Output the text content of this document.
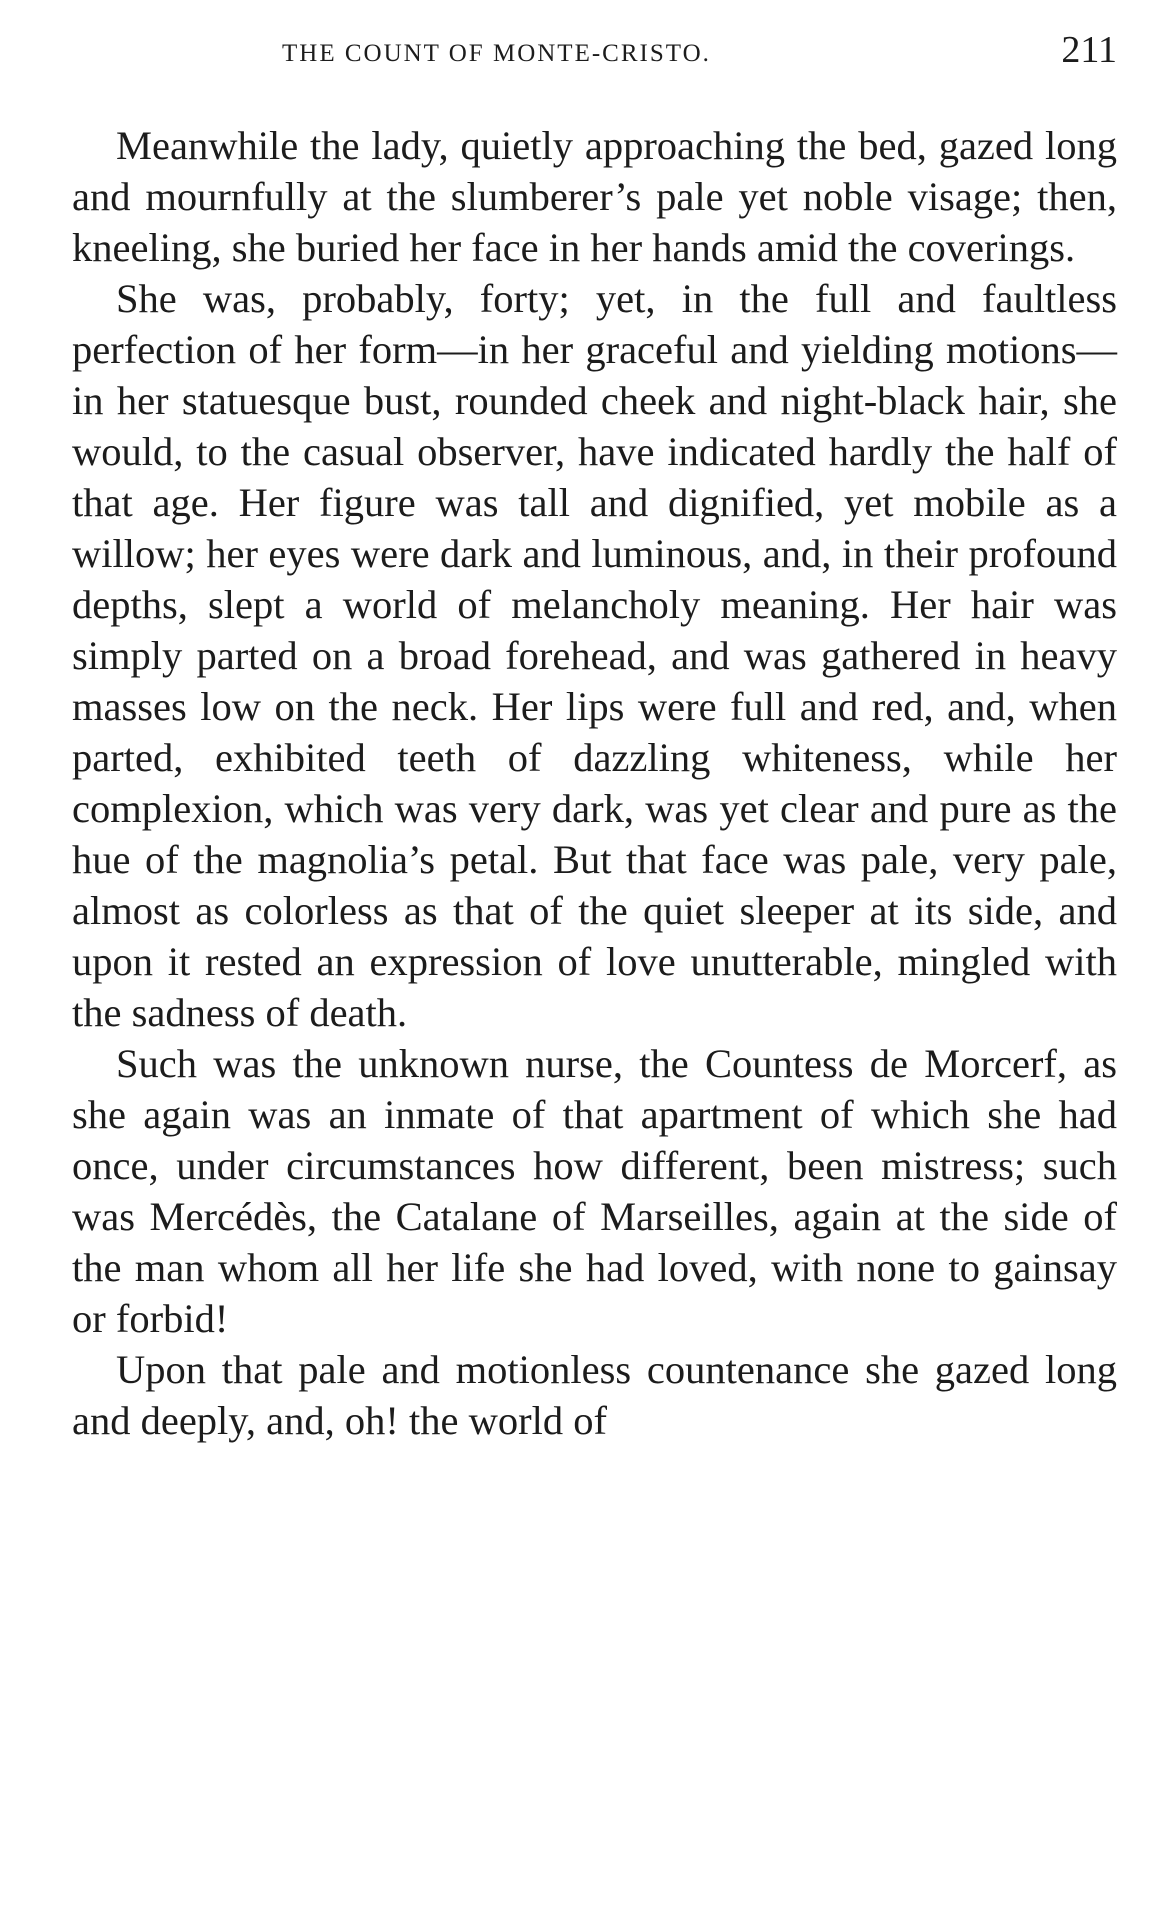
THE COUNT OF MONTE-CRISTO.	211

Meanwhile the lady, quietly approaching the bed, gazed long and mournfully at the slumberer’s pale yet noble visage; then, kneeling, she buried her face in her hands amid the coverings.

She was, probably, forty; yet, in the full and faultless perfection of her form—in her graceful and yielding motions—in her statuesque bust, rounded cheek and night-black hair, she would, to the casual observer, have indicated hardly the half of that age. Her figure was tall and dignified, yet mobile as a willow; her eyes were dark and luminous, and, in their profound depths, slept a world of melancholy meaning. Her hair was simply parted on a broad forehead, and was gathered in heavy masses low on the neck. Her lips were full and red, and, when parted, exhibited teeth of dazzling whiteness, while her complexion, which was very dark, was yet clear and pure as the hue of the magnolia’s petal. But that face was pale, very pale, almost as colorless as that of the quiet sleeper at its side, and upon it rested an expression of love unutterable, mingled with the sadness of death.

Such was the unknown nurse, the Countess de Morcerf, as she again was an inmate of that apartment of which she had once, under circumstances how different, been mistress; such was Mercédès, the Catalane of Marseilles, again at the side of the man whom all her life she had loved, with none to gainsay or forbid!

Upon that pale and motionless countenance she gazed long and deeply, and, oh! the world of
